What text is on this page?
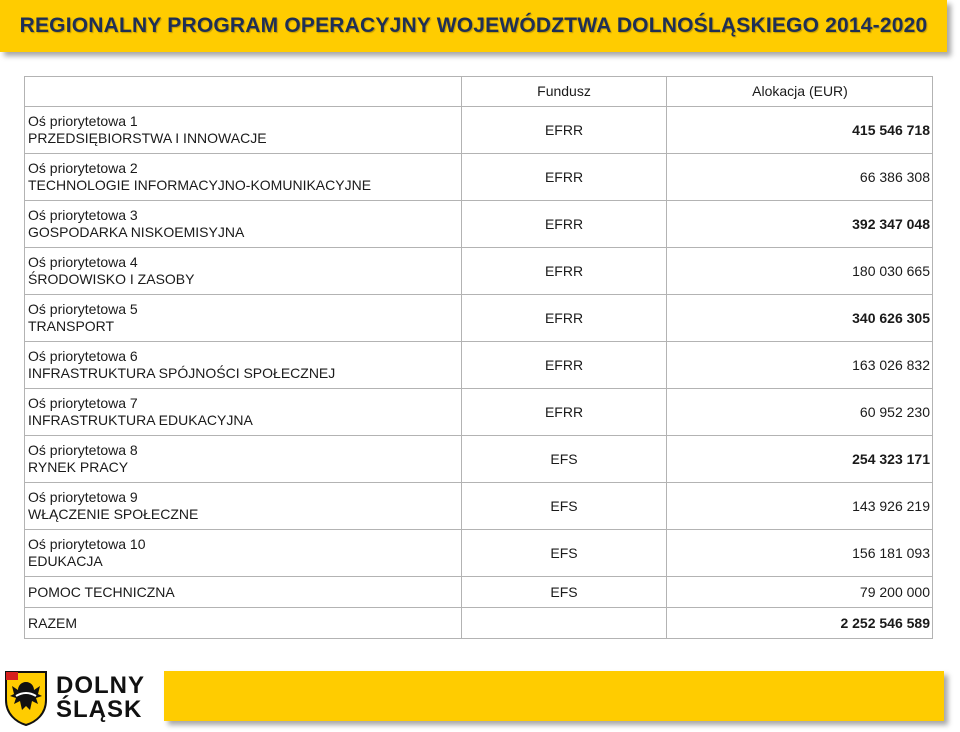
REGIONALNY PROGRAM OPERACYJNY WOJEWÓDZTWA DOLNOŚLĄSKIEGO 2014-2020
	Fundusz	Alokacja (EUR)

Oś priorytetowa 1
PRZEDSIĘBIORSTWA I INNOWACJE	EFRR	415 546 718

Oś priorytetowa 2
TECHNOLOGIE INFORMACYJNO-KOMUNIKACYJNE	EFRR	66 386 308

Oś priorytetowa 3
GOSPODARKA NISKOEMISYJNA	EFRR	392 347 048

Oś priorytetowa 4
ŚRODOWISKO I ZASOBY	EFRR	180 030 665

Oś priorytetowa 5
TRANSPORT	EFRR	340 626 305

Oś priorytetowa 6
INFRASTRUKTURA SPÓJNOŚCI SPOŁECZNEJ	EFRR	163 026 832

Oś priorytetowa 7
INFRASTRUKTURA EDUKACYJNA	EFRR	60 952 230

Oś priorytetowa 8
RYNEK PRACY	EFS	254 323 171

Oś priorytetowa 9
WŁĄCZENIE SPOŁECZNE	EFS	143 926 219

Oś priorytetowa 10
EDUKACJA	EFS	156 181 093
POMOC TECHNICZNA	EFS	79 200 000
RAZEM		2 252 546 589
DOLNY
ŚLĄSK
